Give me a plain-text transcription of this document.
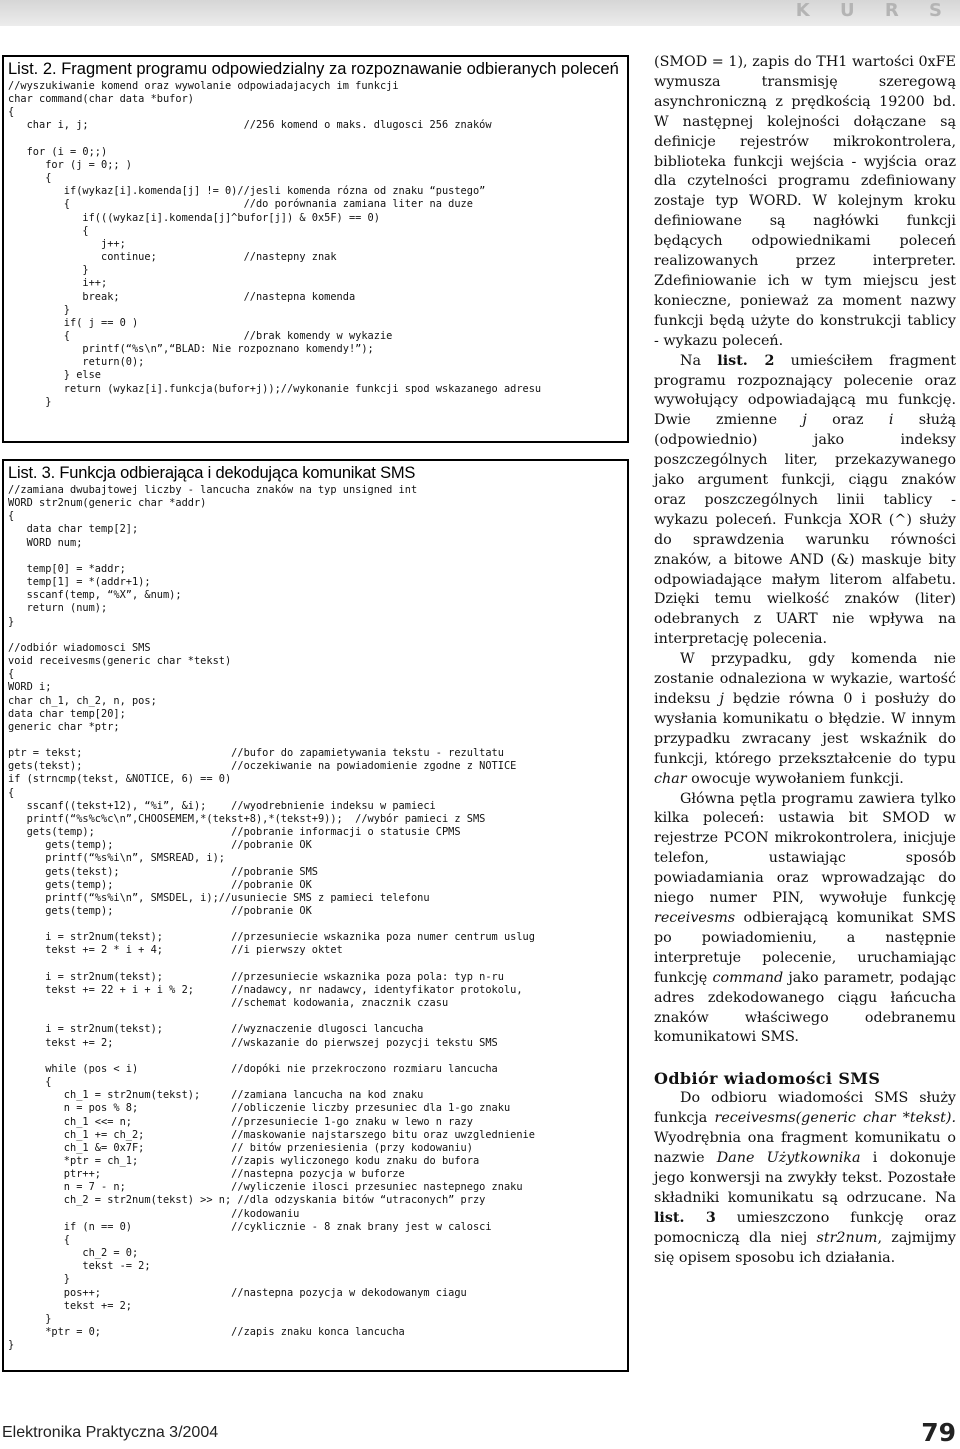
K U R S

List. 2. Fragment programu odpowiedzialny za rozpoznawanie odbieranych poleceń

//wyszukiwanie komend oraz wywolanie odpowiadajacych im funkcji
char command(char data *bufor)
{
char i, j;                         //256 komend o maks. dlugosci 256 znaków

for (i = 0;;)
for (j = 0;; )
{
if(wykaz[i].komenda[j] != 0)//jesli komenda rózna od znaku “pustego”
{                            //do porównania zamiana liter na duze
if(((wykaz[i].komenda[j]^bufor[j]) & 0x5F) == 0)
{
j++;
continue;              //nastepny znak
}
i++;
break;                    //nastepna komenda
}
if( j == 0 )
{                            //brak komendy w wykazie
printf(“%s\n”,“BLAD: Nie rozpoznano komendy!”);
return(0);
} else
return (wykaz[i].funkcja(bufor+j));//wykonanie funkcji spod wskazanego adresu
}

List. 3. Funkcja odbierająca i dekodująca komunikat SMS

//zamiana dwubajtowej liczby - lancucha znaków na typ unsigned int
WORD str2num(generic char *addr)
{
data char temp[2];
WORD num;

temp[0] = *addr;
temp[1] = *(addr+1);
sscanf(temp, “%X”, &num);
return (num);
}

//odbiór wiadomosci SMS
void receivesms(generic char *tekst)
{
WORD i;
char ch_1, ch_2, n, pos;
data char temp[20];
generic char *ptr;

ptr = tekst;                        //bufor do zapamietywania tekstu - rezultatu
gets(tekst);                        //oczekiwanie na powiadomienie zgodne z NOTICE
if (strncmp(tekst, &NOTICE, 6) == 0)
{
sscanf((tekst+12), “%i”, &i);    //wyodrebnienie indeksu w pamieci
printf(“%s%c%c\n”,CHOOSEMEM,*(tekst+8),*(tekst+9));  //wybór pamieci z SMS
gets(temp);                      //pobranie informacji o statusie CPMS
gets(temp);                   //pobranie OK
printf(“%s%i\n”, SMSREAD, i);
gets(tekst);                  //pobranie SMS
gets(temp);                   //pobranie OK
printf(“%s%i\n”, SMSDEL, i);//usuniecie SMS z pamieci telefonu
gets(temp);                   //pobranie OK

i = str2num(tekst);           //przesuniecie wskaznika poza numer centrum uslug
tekst += 2 * i + 4;           //i pierwszy oktet

i = str2num(tekst);           //przesuniecie wskaznika poza pola: typ n-ru
tekst += 22 + i + i % 2;      //nadawcy, nr nadawcy, identyfikator protokolu,
//schemat kodowania, znacznik czasu

i = str2num(tekst);           //wyznaczenie dlugosci lancucha
tekst += 2;                   //wskazanie do pierwszej pozycji tekstu SMS

while (pos < i)               //dopóki nie przekroczono rozmiaru lancucha
{
ch_1 = str2num(tekst);     //zamiana lancucha na kod znaku
n = pos % 8;               //obliczenie liczby przesuniec dla 1-go znaku
ch_1 <<= n;                //przesuniecie 1-go znaku w lewo n razy
ch_1 += ch_2;              //maskowanie najstarszego bitu oraz uwzglednienie
ch_1 &= 0x7F;              // bitów przeniesienia (przy kodowaniu)
*ptr = ch_1;               //zapis wyliczonego kodu znaku do bufora
ptr++;                     //nastepna pozycja w buforze
n = 7 - n;                 //wyliczenie ilosci przesuniec nastepnego znaku
ch_2 = str2num(tekst) >> n; //dla odzyskania bitów “utraconych” przy
//kodowaniu
if (n == 0)                //cyklicznie - 8 znak brany jest w calosci
{
ch_2 = 0;
tekst -= 2;
}
pos++;                     //nastepna pozycja w dekodowanym ciagu
tekst += 2;
}
*ptr = 0;                     //zapis znaku konca lancucha
}

(SMOD = 1), zapis do TH1 wartości 0xFE wymusza transmisję szeregową asynchroniczną z prędkością 19200 bd. W następnej kolejności dołączane są definicje rejestrów mikrokontrolera, biblioteka funkcji wejścia - wyjścia oraz dla czytelności programu zdefiniowany zostaje typ WORD. W kolejnym kroku definiowane są nagłówki funkcji będących odpowiednikami poleceń realizowanych przez interpreter. Zdefiniowanie ich w tym miejscu jest konieczne, ponieważ za moment nazwy funkcji będą użyte do konstrukcji tablicy - wykazu poleceń.

Na list. 2 umieściłem fragment programu rozpoznający polecenie oraz wywołujący odpowiadającą mu funkcję. Dwie zmienne j oraz i służą (odpowiednio) jako indeksy poszczególnych liter, przekazywanego jako argument funkcji, ciągu znaków oraz poszczególnych linii tablicy - wykazu poleceń. Funkcja XOR (^) służy do sprawdzenia warunku równości znaków, a bitowe AND (&) maskuje bity odpowiadające małym literom alfabetu. Dzięki temu wielkość znaków (liter) odebranych z UART nie wpływa na interpretację polecenia.

W przypadku, gdy komenda nie zostanie odnaleziona w wykazie, wartość indeksu j będzie równa 0 i posłuży do wysłania komunikatu o błędzie. W innym przypadku zwracany jest wskaźnik do funkcji, którego przekształcenie do typu char owocuje wywołaniem funkcji.

Główna pętla programu zawiera tylko kilka poleceń: ustawia bit SMOD w rejestrze PCON mikrokontrolera, inicjuje telefon, ustawiając sposób powiadamiania oraz wprowadzając do niego numer PIN, wywołuje funkcję receivesms odbierającą komunikat SMS po powiadomieniu, a następnie interpretuje polecenie, uruchamiając funkcję command jako parametr, podając adres zdekodowanego ciągu łańcucha znaków właściwego odebranemu komunikatowi SMS.

Odbiór wiadomości SMS

Do odbioru wiadomości SMS służy funkcja receivesms(generic char *tekst). Wyodrębnia ona fragment komunikatu o nazwie Dane Użytkownika i dokonuje jego konwersji na zwykły tekst. Pozostałe składniki komunikatu są odrzucane. Na list. 3 umieszczono funkcję oraz pomocniczą dla niej str2num, zajmijmy się opisem sposobu ich działania.

Elektronika Praktyczna 3/2004	79
